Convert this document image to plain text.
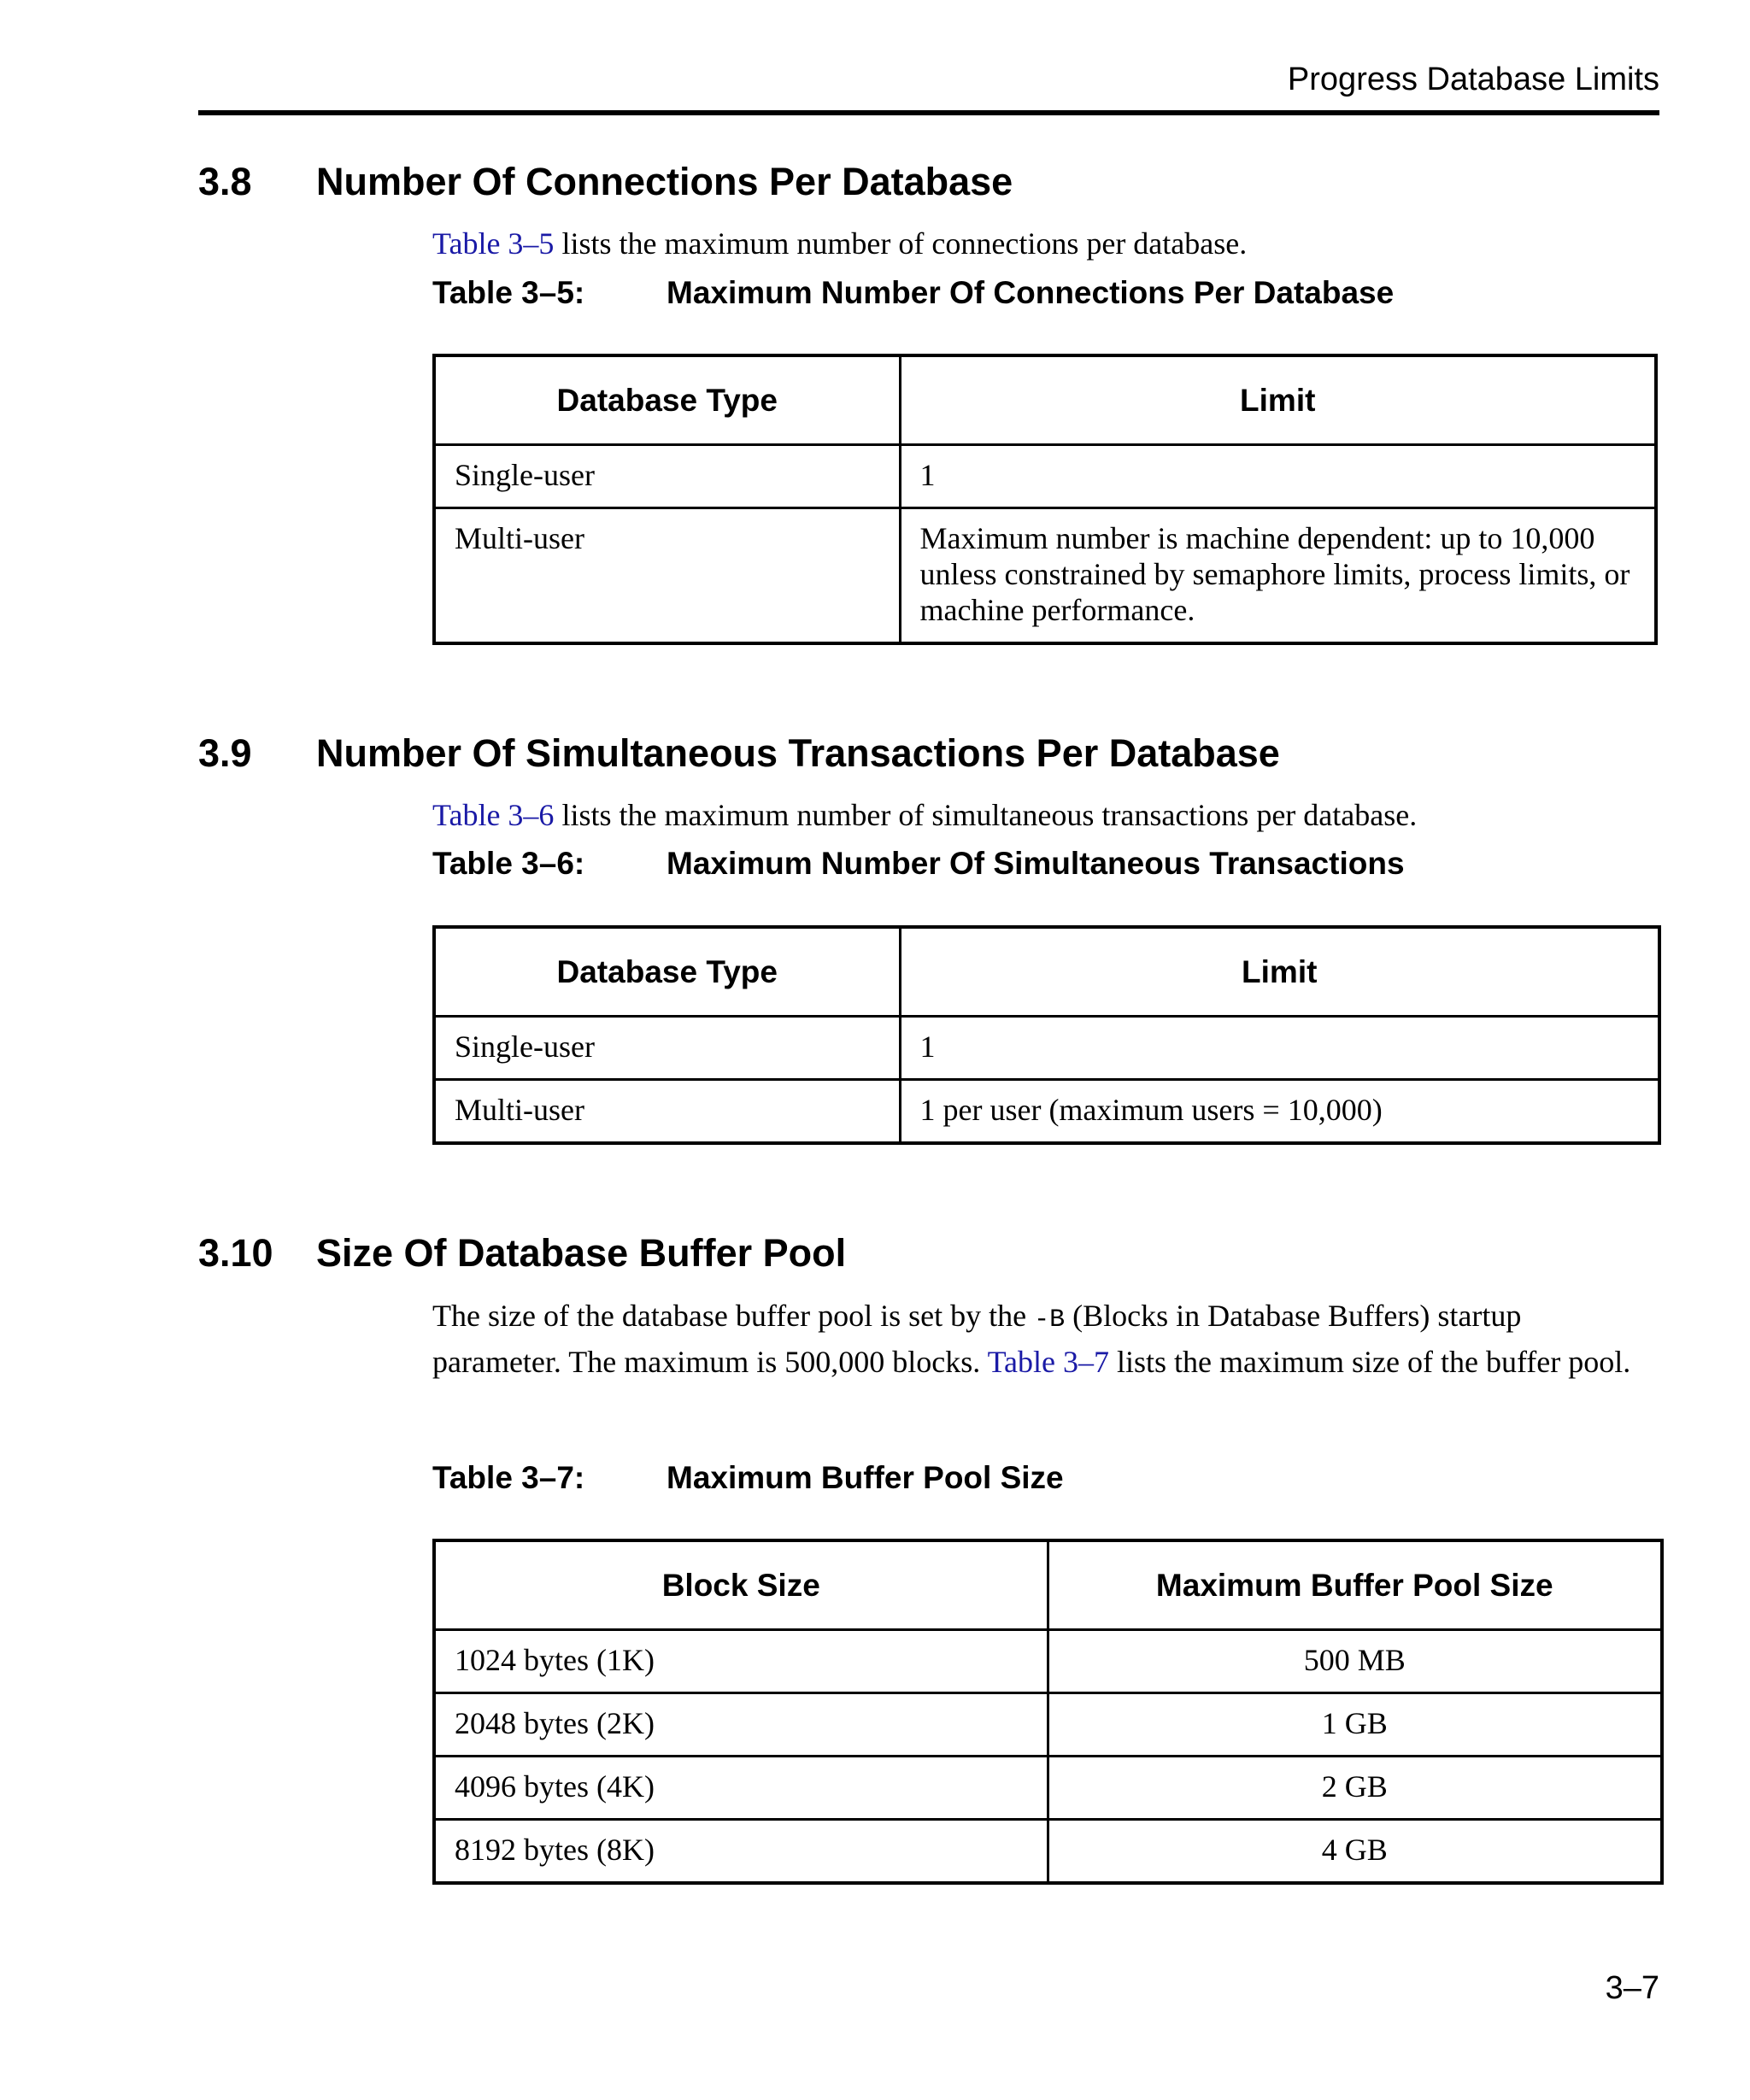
Progress Database Limits
3.8 Number Of Connections Per Database
Table 3–5 lists the maximum number of connections per database.
Table 3–5:	Maximum Number Of Connections Per Database
Database Type	Limit
Single-user	1
Multi-user	Maximum number is machine dependent: up to 10,000 unless constrained by semaphore limits, process limits, or machine performance.
3.9 Number Of Simultaneous Transactions Per Database
Table 3–6 lists the maximum number of simultaneous transactions per database.
Table 3–6:	Maximum Number Of Simultaneous Transactions
Database Type	Limit
Single-user	1
Multi-user	1 per user (maximum users = 10,000)
3.10 Size Of Database Buffer Pool
The size of the database buffer pool is set by the -B (Blocks in Database Buffers) startup parameter. The maximum is 500,000 blocks. Table 3–7 lists the maximum size of the buffer pool.
Table 3–7:	Maximum Buffer Pool Size
Block Size	Maximum Buffer Pool Size
1024 bytes (1K)	500 MB
2048 bytes (2K)	1 GB
4096 bytes (4K)	2 GB
8192 bytes (8K)	4 GB
3–7
